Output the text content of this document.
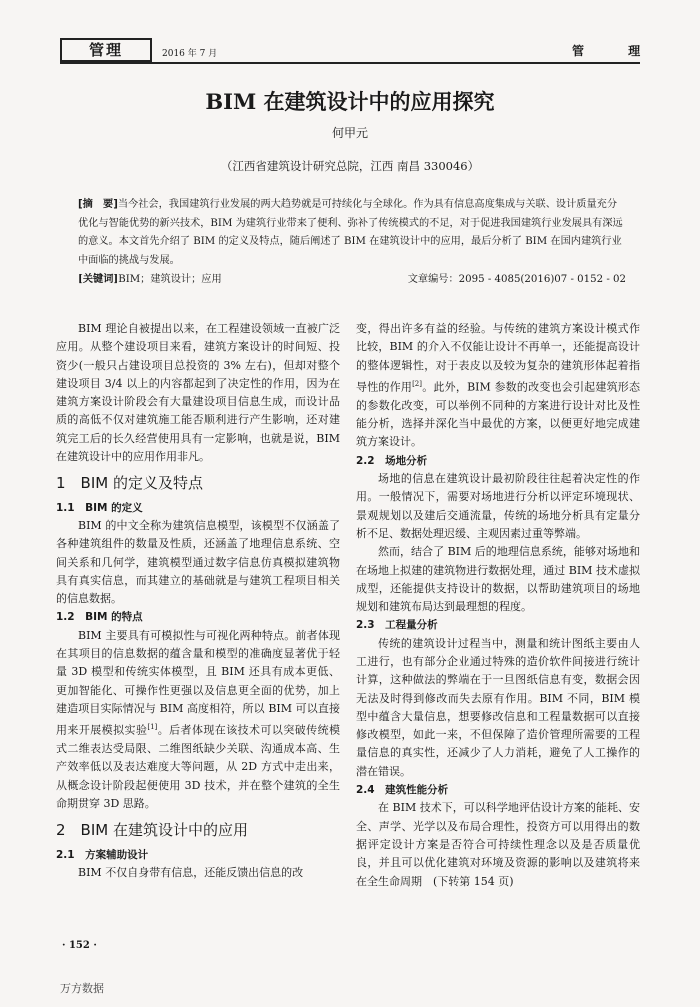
管理	2016 年 7 月	管 理
BIM 在建筑设计中的应用探究
何甲元
（江西省建筑设计研究总院，江西 南昌 330046）
[摘　要]当今社会，我国建筑行业发展的两大趋势就是可持续化与全球化。作为具有信息高度集成与关联、设计质量充分优化与智能优势的新兴技术，BIM 为建筑行业带来了便利、弥补了传统模式的不足，对于促进我国建筑行业发展具有深远的意义。本文首先介绍了 BIM 的定义及特点，随后阐述了 BIM 在建筑设计中的应用，最后分析了 BIM 在国内建筑行业中面临的挑战与发展。
[关键词]BIM；建筑设计；应用	文章编号：2095 - 4085(2016)07 - 0152 - 02

BIM 理论自被提出以来，在工程建设领域一直被广泛应用。从整个建设项目来看，建筑方案设计的时间短、投资少(一般只占建设项目总投资的 3% 左右)，但却对整个建设项目 3/4 以上的内容都起到了决定性的作用，因为在建筑方案设计阶段会有大量建设项目信息生成，而设计品质的高低不仅对建筑施工能否顺利进行产生影响，还对建筑完工后的长久经营使用具有一定影响，也就是说，BIM 在建筑设计中的应用作用非凡。

1　BIM 的定义及特点
1.1　BIM 的定义

BIM 的中文全称为建筑信息模型，该模型不仅涵盖了各种建筑组件的数量及性质，还涵盖了地理信息系统、空间关系和几何学，建筑模型通过数字信息仿真模拟建筑物具有真实信息，而其建立的基础就是与建筑工程项目相关的信息数据。

1.2　BIM 的特点

BIM 主要具有可模拟性与可视化两种特点。前者体现在其项目的信息数据的蕴含量和模型的准确度显著优于轻量 3D 模型和传统实体模型，且 BIM 还具有成本更低、更加智能化、可操作性更强以及信息更全面的优势，加上建造项目实际情况与 BIM 高度相符，所以 BIM 可以直接用来开展模拟实验[1]。后者体现在该技术可以突破传统模式二维表达受局限、二维图纸缺少关联、沟通成本高、生产效率低以及表达难度大等问题，从 2D 方式中走出来，从概念设计阶段起便使用 3D 技术，并在整个建筑的全生命期贯穿 3D 思路。

2　BIM 在建筑设计中的应用
2.1　方案辅助设计

BIM 不仅自身带有信息，还能反馈出信息的改

变，得出许多有益的经验。与传统的建筑方案设计模式作比较，BIM 的介入不仅能让设计不再单一，还能提高设计的整体逻辑性，对于表皮以及较为复杂的建筑形体起着指导性的作用[2]。此外，BIM 参数的改变也会引起建筑形态的参数化改变，可以举例不同种的方案进行设计对比及性能分析，选择并深化当中最优的方案，以便更好地完成建筑方案设计。

2.2　场地分析

场地的信息在建筑设计最初阶段往往起着决定性的作用。一般情况下，需要对场地进行分析以评定环境现状、景观规划以及建后交通流量，传统的场地分析具有定量分析不足、数据处理迟缓、主观因素过重等弊端。

然而，结合了 BIM 后的地理信息系统，能够对场地和在场地上拟建的建筑物进行数据处理，通过 BIM 技术虚拟成型，还能提供支持设计的数据，以帮助建筑项目的场地规划和建筑布局达到最理想的程度。

2.3　工程量分析

传统的建筑设计过程当中，测量和统计图纸主要由人工进行，也有部分企业通过特殊的造价软件间接进行统计计算，这种做法的弊端在于一旦图纸信息有变，数据会因无法及时得到修改而失去原有作用。BIM 不同，BIM 模型中蕴含大量信息，想要修改信息和工程量数据可以直接修改模型，如此一来，不但保障了造价管理所需要的工程量信息的真实性，还减少了人力消耗，避免了人工操作的潜在错误。

2.4　建筑性能分析

在 BIM 技术下，可以科学地评估设计方案的能耗、安全、声学、光学以及布局合理性，投资方可以用得出的数据评定设计方案是否符合可持续性理念以及是否质量优良，并且可以优化建筑对环境及资源的影响以及建筑将来在全生命周期　(下转第 154 页)

· 152 ·
万方数据
